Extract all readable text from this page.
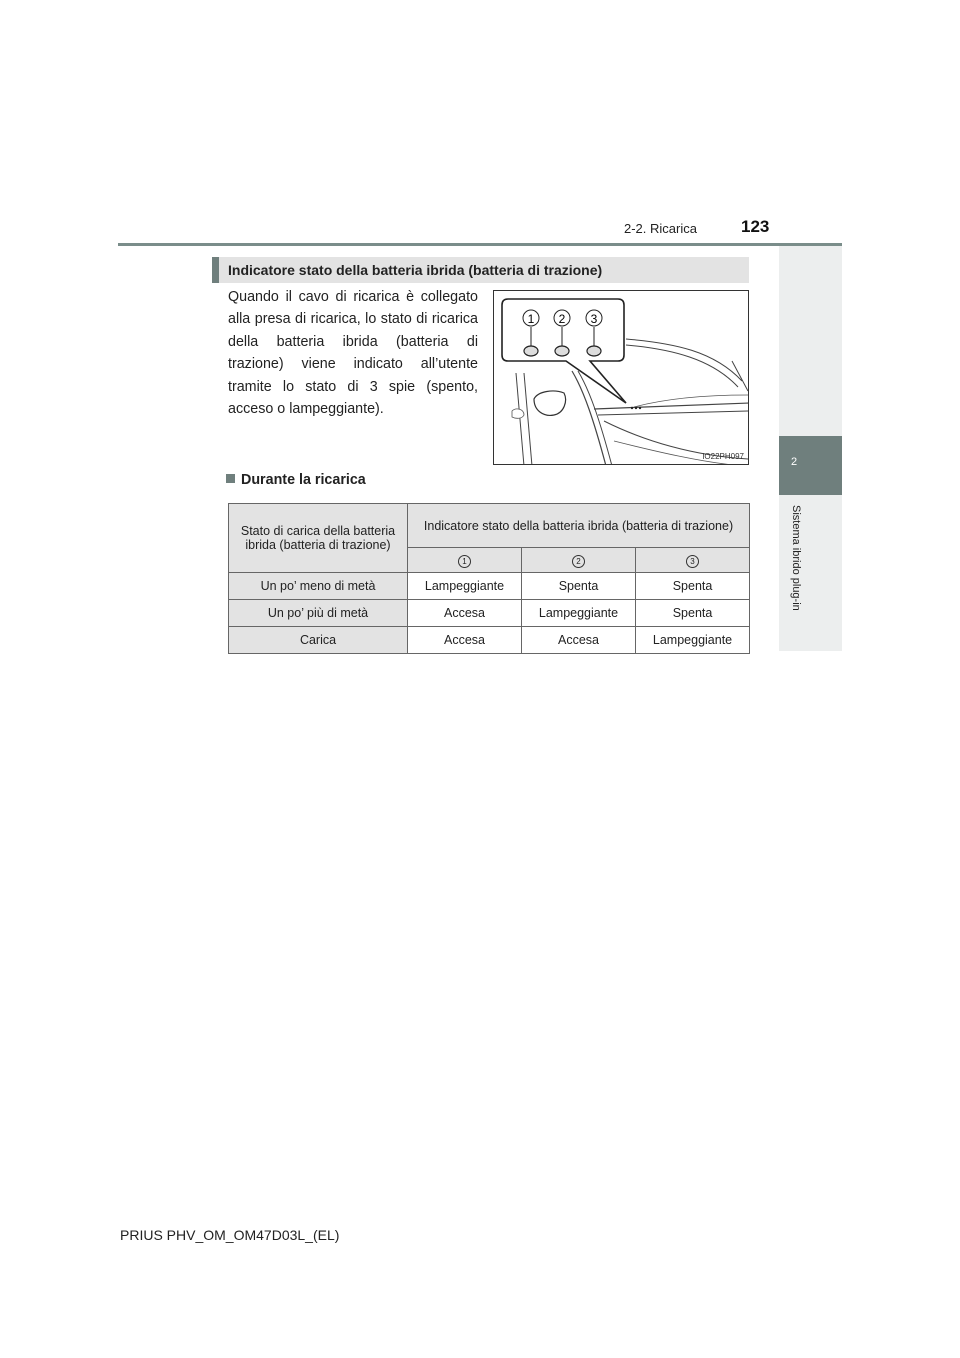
2-2. Ricarica	123
2
Sistema ibrido plug-in
Indicatore stato della batteria ibrida (batteria di trazione)
Quando il cavo di ricarica è collegato alla presa di ricarica, lo stato di ricarica della batteria ibrida (batteria di trazione) viene indicato all’utente tramite lo stato di 3 spie (spento, acceso o lampeggiante).
1 2 3
IO22PH097
Durante la ricarica
Stato di carica della batteria ibrida (batteria di trazione)	Indicatore stato della batteria ibrida (batteria di trazione)		
	1	2	3
Un po’ meno di metà	Lampeggiante	Spenta	Spenta
Un po’ più di metà	Accesa	Lampeggiante	Spenta
Carica	Accesa	Accesa	Lampeggiante
PRIUS PHV_OM_OM47D03L_(EL)
